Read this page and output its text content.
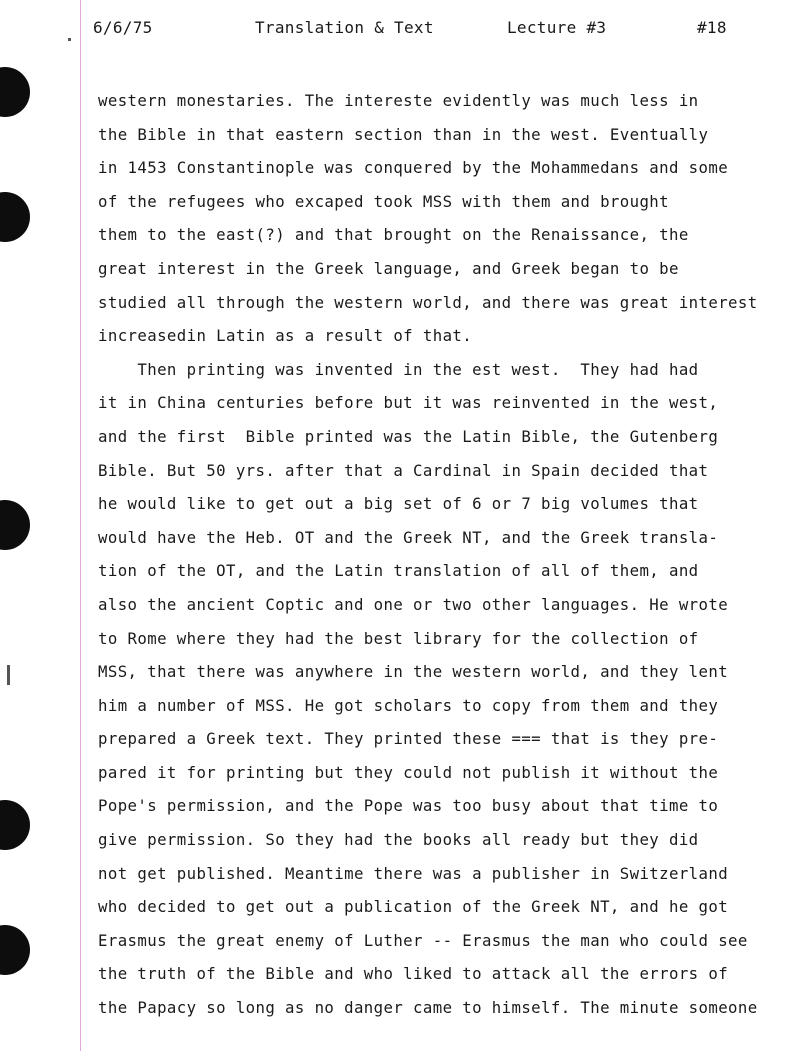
6/6/75	Translation & Text	Lecture #3	#18
western monestaries. The intereste evidently was much less in
the Bible in that eastern section than in the west. Eventually
in 1453 Constantinople was conquered by the Mohammedans and some
of the refugees who excaped took MSS with them and brought
them to the east(?) and that brought on the Renaissance, the
great interest in the Greek language, and Greek began to be
studied all through the western world, and there was great interest
increasedin Latin as a result of that.
Then printing was invented in the est west.  They had had
it in China centuries before but it was reinvented in the west,
and the first  Bible printed was the Latin Bible, the Gutenberg
Bible. But 50 yrs. after that a Cardinal in Spain decided that
he would like to get out a big set of 6 or 7 big volumes that
would have the Heb. OT and the Greek NT, and the Greek transla-
tion of the OT, and the Latin translation of all of them, and
also the ancient Coptic and one or two other languages. He wrote
to Rome where they had the best library for the collection of
MSS, that there was anywhere in the western world, and they lent
him a number of MSS. He got scholars to copy from them and they
prepared a Greek text. They printed these === that is they pre-
pared it for printing but they could not publish it without the
Pope's permission, and the Pope was too busy about that time to
give permission. So they had the books all ready but they did
not get published. Meantime there was a publisher in Switzerland
who decided to get out a publication of the Greek NT, and he got
Erasmus the great enemy of Luther -- Erasmus the man who could see
the truth of the Bible and who liked to attack all the errors of
the Papacy so long as no danger came to himself. The minute someone
